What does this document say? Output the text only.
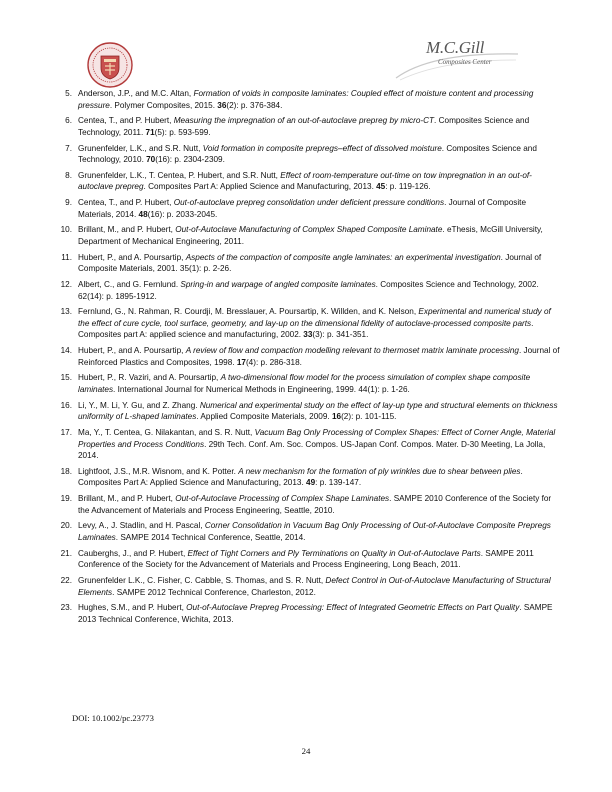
M.C.Gill
Composites Center
5. Anderson, J.P., and M.C. Altan, Formation of voids in composite laminates: Coupled effect of moisture content and processing pressure. Polymer Composites, 2015. 36(2): p. 376-384.
6. Centea, T., and P. Hubert, Measuring the impregnation of an out-of-autoclave prepreg by micro-CT. Composites Science and Technology, 2011. 71(5): p. 593-599.
7. Grunenfelder, L.K., and S.R. Nutt, Void formation in composite prepregs–effect of dissolved moisture. Composites Science and Technology, 2010. 70(16): p. 2304-2309.
8. Grunenfelder, L.K., T. Centea, P. Hubert, and S.R. Nutt, Effect of room-temperature out-time on tow impregnation in an out-of-autoclave prepreg. Composites Part A: Applied Science and Manufacturing, 2013. 45: p. 119-126.
9. Centea, T., and P. Hubert, Out-of-autoclave prepreg consolidation under deficient pressure conditions. Journal of Composite Materials, 2014. 48(16): p. 2033-2045.
10. Brillant, M., and P. Hubert, Out-of-Autoclave Manufacturing of Complex Shaped Composite Laminate. eThesis, McGill University, Department of Mechanical Engineering, 2011.
11. Hubert, P., and A. Poursartip, Aspects of the compaction of composite angle laminates: an experimental investigation. Journal of Composite Materials, 2001. 35(1): p. 2-26.
12. Albert, C., and G. Fernlund. Spring-in and warpage of angled composite laminates. Composites Science and Technology, 2002. 62(14): p. 1895-1912.
13. Fernlund, G., N. Rahman, R. Courdji, M. Bresslauer, A. Poursartip, K. Willden, and K. Nelson, Experimental and numerical study of the effect of cure cycle, tool surface, geometry, and lay-up on the dimensional fidelity of autoclave-processed composite parts. Composites part A: applied science and manufacturing, 2002. 33(3): p. 341-351.
14. Hubert, P., and A. Poursartip, A review of flow and compaction modelling relevant to thermoset matrix laminate processing. Journal of Reinforced Plastics and Composites, 1998. 17(4): p. 286-318.
15. Hubert, P., R. Vaziri, and A. Poursartip, A two-dimensional flow model for the process simulation of complex shape composite laminates. International Journal for Numerical Methods in Engineering, 1999. 44(1): p. 1-26.
16. Li, Y., M. Li, Y. Gu, and Z. Zhang. Numerical and experimental study on the effect of lay-up type and structural elements on thickness uniformity of L-shaped laminates. Applied Composite Materials, 2009. 16(2): p. 101-115.
17. Ma, Y., T. Centea, G. Nilakantan, and S. R. Nutt, Vacuum Bag Only Processing of Complex Shapes: Effect of Corner Angle, Material Properties and Process Conditions. 29th Tech. Conf. Am. Soc. Compos. US-Japan Conf. Compos. Mater. D-30 Meeting, La Jolla, 2014.
18. Lightfoot, J.S., M.R. Wisnom, and K. Potter. A new mechanism for the formation of ply wrinkles due to shear between plies. Composites Part A: Applied Science and Manufacturing, 2013. 49: p. 139-147.
19. Brillant, M., and P. Hubert, Out-of-Autoclave Processing of Complex Shape Laminates. SAMPE 2010 Conference of the Society for the Advancement of Materials and Process Engineering, Seattle, 2010.
20. Levy, A., J. Stadlin, and H. Pascal, Corner Consolidation in Vacuum Bag Only Processing of Out-of-Autoclave Composite Prepregs Laminates. SAMPE 2014 Technical Conference, Seattle, 2014.
21. Cauberghs, J., and P. Hubert, Effect of Tight Corners and Ply Terminations on Quality in Out-of-Autoclave Parts. SAMPE 2011 Conference of the Society for the Advancement of Materials and Process Engineering, Long Beach, 2011.
22. Grunenfelder L.K., C. Fisher, C. Cabble, S. Thomas, and S. R. Nutt, Defect Control in Out-of-Autoclave Manufacturing of Structural Elements. SAMPE 2012 Technical Conference, Charleston, 2012.
23. Hughes, S.M., and P. Hubert, Out-of-Autoclave Prepreg Processing: Effect of Integrated Geometric Effects on Part Quality. SAMPE 2013 Technical Conference, Wichita, 2013.
DOI: 10.1002/pc.23773
24
